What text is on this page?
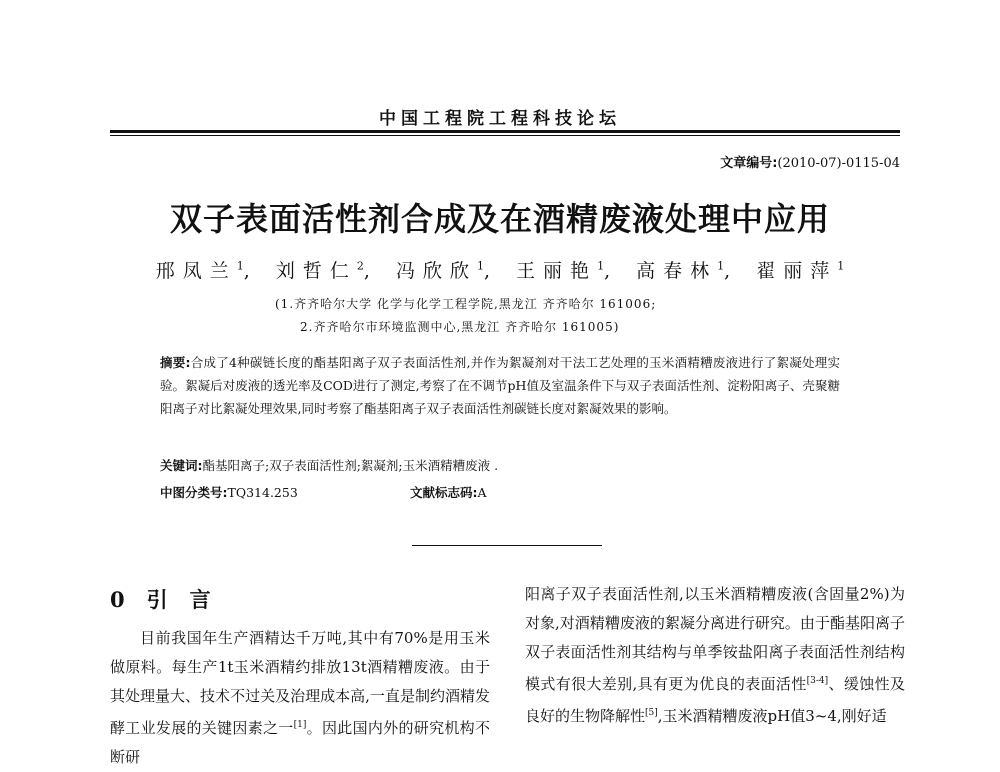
中国工程院工程科技论坛
文章编号:(2010-07)-0115-04
双子表面活性剂合成及在酒精废液处理中应用
邢凤兰$^1$, 刘哲仁$^2$, 冯欣欣$^1$, 王丽艳$^1$, 高春林$^1$, 翟丽萍$^1$
(1.齐齐哈尔大学 化学与化学工程学院,黑龙江 齐齐哈尔 161006;
2.齐齐哈尔市环境监测中心,黑龙江 齐齐哈尔 161005)
摘要:合成了4种碳链长度的酯基阳离子双子表面活性剂,并作为絮凝剂对干法工艺处理的玉米酒精糟废液进行了絮凝处理实验。絮凝后对废液的透光率及COD进行了测定,考察了在不调节pH值及室温条件下与双子表面活性剂、淀粉阳离子、壳聚糖阳离子对比絮凝处理效果,同时考察了酯基阳离子双子表面活性剂碳链长度对絮凝效果的影响。
关键词:酯基阳离子;双子表面活性剂;絮凝剂;玉米酒精糟废液 .
中图分类号:TQ314.253	文献标志码:A
0 引言
目前我国年生产酒精达千万吨,其中有70%是用玉米做原料。每生产1t玉米酒精约排放13t酒精糟废液。由于其处理量大、技术不过关及治理成本高,一直是制约酒精发酵工业发展的关键因素之一[1]。因此国内外的研究机构不断研
阳离子双子表面活性剂,以玉米酒精糟废液(含固量2%)为对象,对酒精糟废液的絮凝分离进行研究。由于酯基阳离子双子表面活性剂其结构与单季铵盐阳离子表面活性剂结构模式有很大差别,具有更为优良的表面活性[3-4]、缓蚀性及良好的生物降解性[5],玉米酒精糟废液pH值3~4,刚好适
